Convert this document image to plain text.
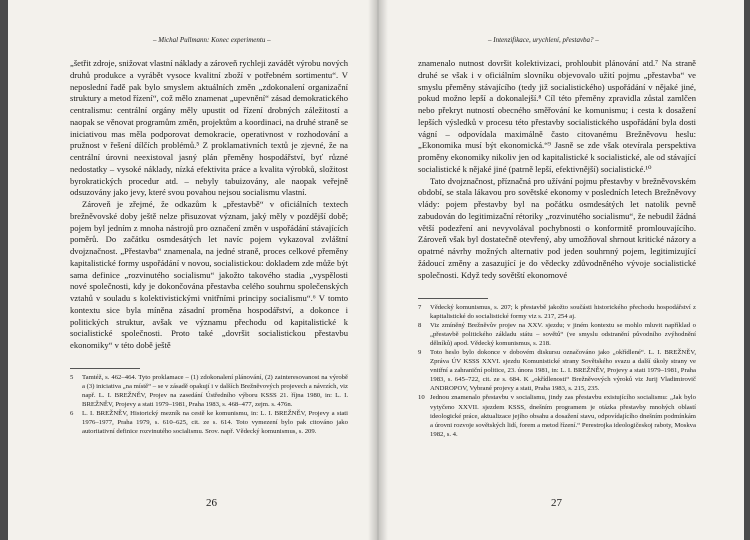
– Michal Pullmann: Konec experimentu –

„šetřit zdroje, snižovat vlastní náklady a zároveň rychleji zavádět výrobu nových druhů produkce a vyrábět vysoce kvalitní zboží v potřebném sortimentu“. V neposlední řadě pak bylo smyslem aktuálních změn „zdokonalení organizační struktury a metod řízení“, což mělo znamenat „upevnění“ zásad demokratického centralismu: centrální orgány měly upustit od řízení drobných záležitostí a naopak se věnovat programům změn, projektům a koordinaci, na druhé straně se iniciativou mas měla podporovat demokracie, operativnost v rozhodování a pružnost v řešení dílčích problémů.⁵ Z proklamativních textů je zjevné, že na centrální úrovni neexistoval jasný plán přeměny hospodářství, byť různé nedostatky – vysoké náklady, nízká efektivita práce a kvalita výrobků, složitost byrokratických procedur atd. – nebyly tabuizovány, ale naopak veřejně odsuzovány jako jevy, které svou povahou nejsou socialismu vlastní.

Zároveň je zřejmé, že odkazům k „přestavbě“ v oficiálních textech brežněvovské doby ještě nelze přisuzovat význam, jaký měly v pozdější době; pojem byl jedním z mnoha nástrojů pro označení změn v uspořádání stávajících poměrů. Do začátku osmdesátých let navíc pojem vykazoval zvláštní dvojznačnost. „Přestavba“ znamenala, na jedné straně, proces celkové přeměny kapitalistické formy uspořádání v novou, socialistickou: dokladem zde může být sama definice „rozvinutého socialismu“ jakožto takového stadia „vyspělosti nové společnosti, kdy je dokončována přestavba celého souhrnu společenských vztahů v souladu s kolektivistickými vnitřními principy socialismu“.⁶ V tomto kontextu sice byla míněna zásadní proměna hospodářství, a dokonce i politických struktur, avšak ve významu přechodu od kapitalistické k socialistické společnosti. Proto také „dovršit socialistickou přestavbu ekonomiky“ v této době ještě

5 Tamtéž, s. 462–464. Tyto proklamace – (1) zdokonalení plánování, (2) zainteresovanost na výrobě a (3) iniciativa „na místě“ – se v zásadě opakují i v dalších Brežněvových projevech a návrzích, viz např. L. I. BREŽNĚV, Projev na zasedání Ústředního výboru KSSS 21. října 1980, in: L. I. BREŽNĚV, Projevy a stati 1979–1981, Praha 1983, s. 468–477, zejm. s. 476n.
6 L. I. BREŽNĚV, Historický mezník na cestě ke komunismu, in: L. I. BREŽNĚV, Projevy a stati 1976–1977, Praha 1979, s. 610–625, cit. ze s. 614. Toto vymezení bylo pak citováno jako autoritativní definice rozvinutého socialismu. Srov. např. Vědecký komunismus, s. 209.
26
– Intenzifikace, urychlení, přestavba? –

znamenalo nutnost dovršit kolektivizaci, prohloubit plánování atd.⁷ Na straně druhé se však i v oficiálním slovníku objevovalo užití pojmu „přestavba“ ve smyslu přeměny stávajícího (tedy již socialistického) uspořádání v nějaké jiné, pokud možno lepší a dokonalejší.⁸ Cíl této přeměny zpravidla zůstal zamlčen nebo překryt nutností obecného směřování ke komunismu; i cesta k dosažení lepších výsledků v procesu této přestavby socialistického uspořádání byla dosti vágní – odpovídala maximálně často citovanému Brežněvovu heslu: „Ekonomika musí být ekonomická.“⁹ Jasně se zde však otevírala perspektiva proměny ekonomiky nikoliv jen od kapitalistické k socialistické, ale od stávající socialistické k nějaké jiné (patrně lepší, efektivnější) socialistické.¹⁰

Tato dvojznačnost, příznačná pro užívání pojmu přestavby v brežněvovském období, se stala lákavou pro sovětské ekonomy v posledních letech Brežněvovy vlády: pojem přestavby byl na počátku osmdesátých let natolik pevně zabudován do legitimizační rétoriky „rozvinutého socialismu“, že nebudil žádná větší podezření ani nevyvolával pochybnosti o konformitě promlouvajícího. Zároveň však byl dostatečně otevřený, aby umožňoval shrnout kritické názory a opatrné návrhy možných alternativ pod jeden souhrnný pojem, legitimizující žádoucí změny a zasazující je do vědecky zdůvodněného vývoje socialistické společnosti. Když tedy sovětští ekonomové

7 Vědecký komunismus, s. 207; k přestavbě jakožto součásti historického přechodu hospodářství z kapitalistické do socialistické formy viz s. 217, 254 aj.
8 Viz zmíněný Brežněvův projev na XXV. sjezdu; v jiném kontextu se mohlo mluvit například o „přestavbě politického základu státu – sovětů“ (ve smyslu odstranění původního zvýhodnění dělníků) apod. Vědecký komunismus, s. 218.
9 Toto heslo bylo dokonce v dobovém diskursu označováno jako „okřídlené“. L. I. BREŽNĚV, Zpráva ÚV KSSS XXVI. sjezdu Komunistické strany Sovětského svazu a další úkoly strany ve vnitřní a zahraniční politice, 23. února 1981, in: L. I. BREŽNĚV, Projevy a stati 1979–1981, Praha 1983, s. 645–722, cit. ze s. 684. K „okřídlenosti“ Brežněvových výroků viz Jurij Vladimirovič ANDROPOV, Vybrané projevy a stati, Praha 1983, s. 215, 235.
10 Jednou znamenalo přestavbu v socialismu, jindy zas přestavbu existujícího socialismu: „Jak bylo vytyčeno XXVII. sjezdem KSSS, dnešním programem je otázka přestavby mnohých oblastí ideologické práce, aktualizace jejího obsahu a dosažení stavu, odpovídajícího dnešním podmínkám a úrovni rozvoje sovětských lidí, forem a metod řízení.“ Perestrojka ideologičeskoj raboty, Moskva 1982, s. 4.
27
